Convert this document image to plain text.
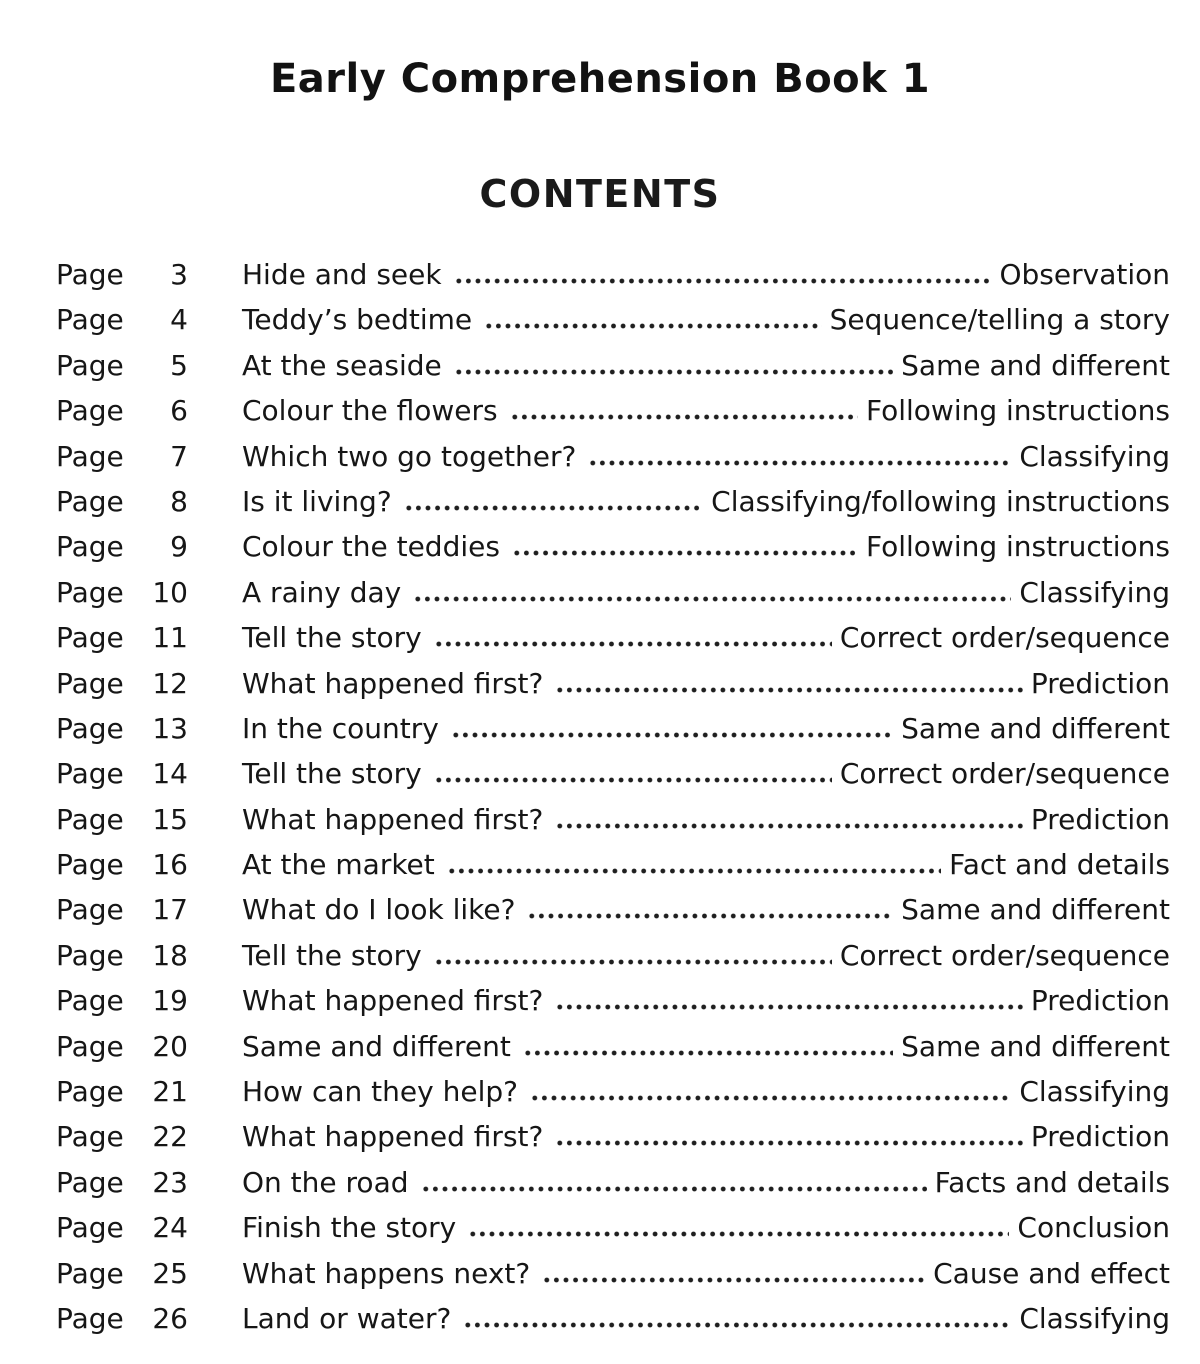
Early Comprehension Book 1
CONTENTS
Page	3 Hide and seek	Observation
Page	4 Teddy’s bedtime	Sequence/telling a story
Page	5 At the seaside	Same and different
Page	6 Colour the flowers	Following instructions
Page	7 Which two go together?	Classifying
Page	8 Is it living?	Classifying/following instructions
Page	9 Colour the teddies	Following instructions
Page	10 A rainy day	Classifying
Page	11 Tell the story	Correct order/sequence
Page	12 What happened first?	Prediction
Page	13 In the country	Same and different
Page	14 Tell the story	Correct order/sequence
Page	15 What happened first?	Prediction
Page	16 At the market	Fact and details
Page	17 What do I look like?	Same and different
Page	18 Tell the story	Correct order/sequence
Page	19 What happened first?	Prediction
Page	20 Same and different	Same and different
Page	21 How can they help?	Classifying
Page	22 What happened first?	Prediction
Page	23 On the road	Facts and details
Page	24 Finish the story	Conclusion
Page	25 What happens next?	Cause and effect
Page	26 Land or water?	Classifying
